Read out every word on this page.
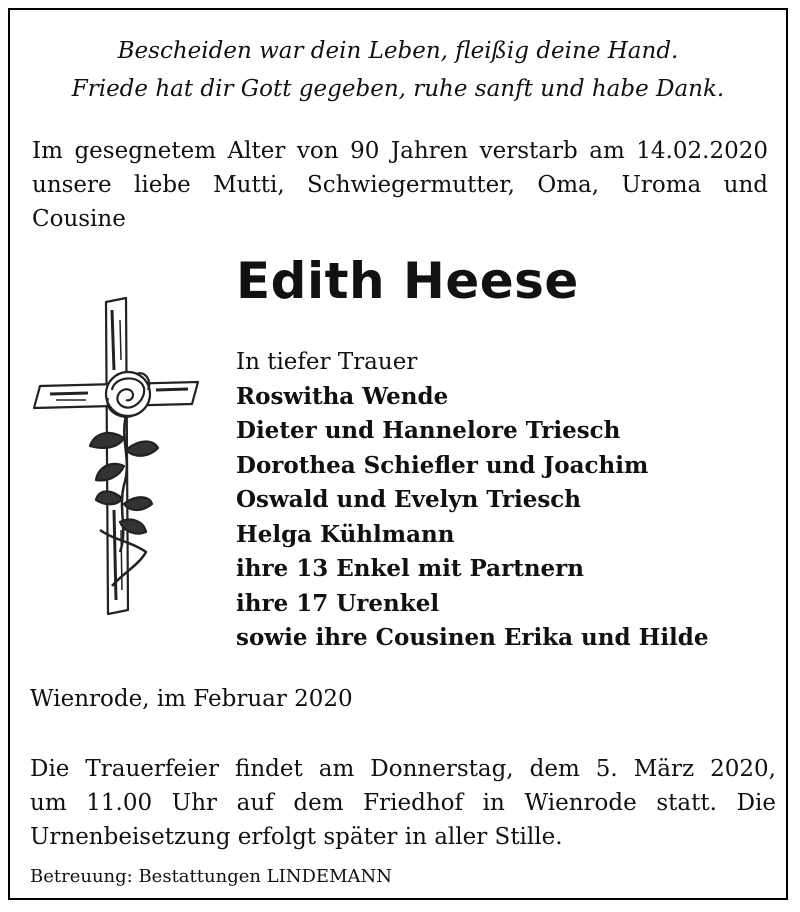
Bescheiden war dein Leben, fleißig deine Hand.
Friede hat dir Gott gegeben, ruhe sanft und habe Dank.
Im gesegnetem Alter von 90 Jahren verstarb am 14.02.2020
unsere liebe Mutti, Schwiegermutter, Oma, Uroma und
Cousine
Edith Heese
In tiefer Trauer
Roswitha Wende
Dieter und Hannelore Triesch
Dorothea Schiefler und Joachim
Oswald und Evelyn Triesch
Helga Kühlmann
ihre 13 Enkel mit Partnern
ihre 17 Urenkel
sowie ihre Cousinen Erika und Hilde
Wienrode, im Februar 2020
Die Trauerfeier findet am Donnerstag, dem 5. März 2020,
um 11.00 Uhr auf dem Friedhof in Wienrode statt. Die
Urnenbeisetzung erfolgt später in aller Stille.
Betreuung: Bestattungen LINDEMANN
